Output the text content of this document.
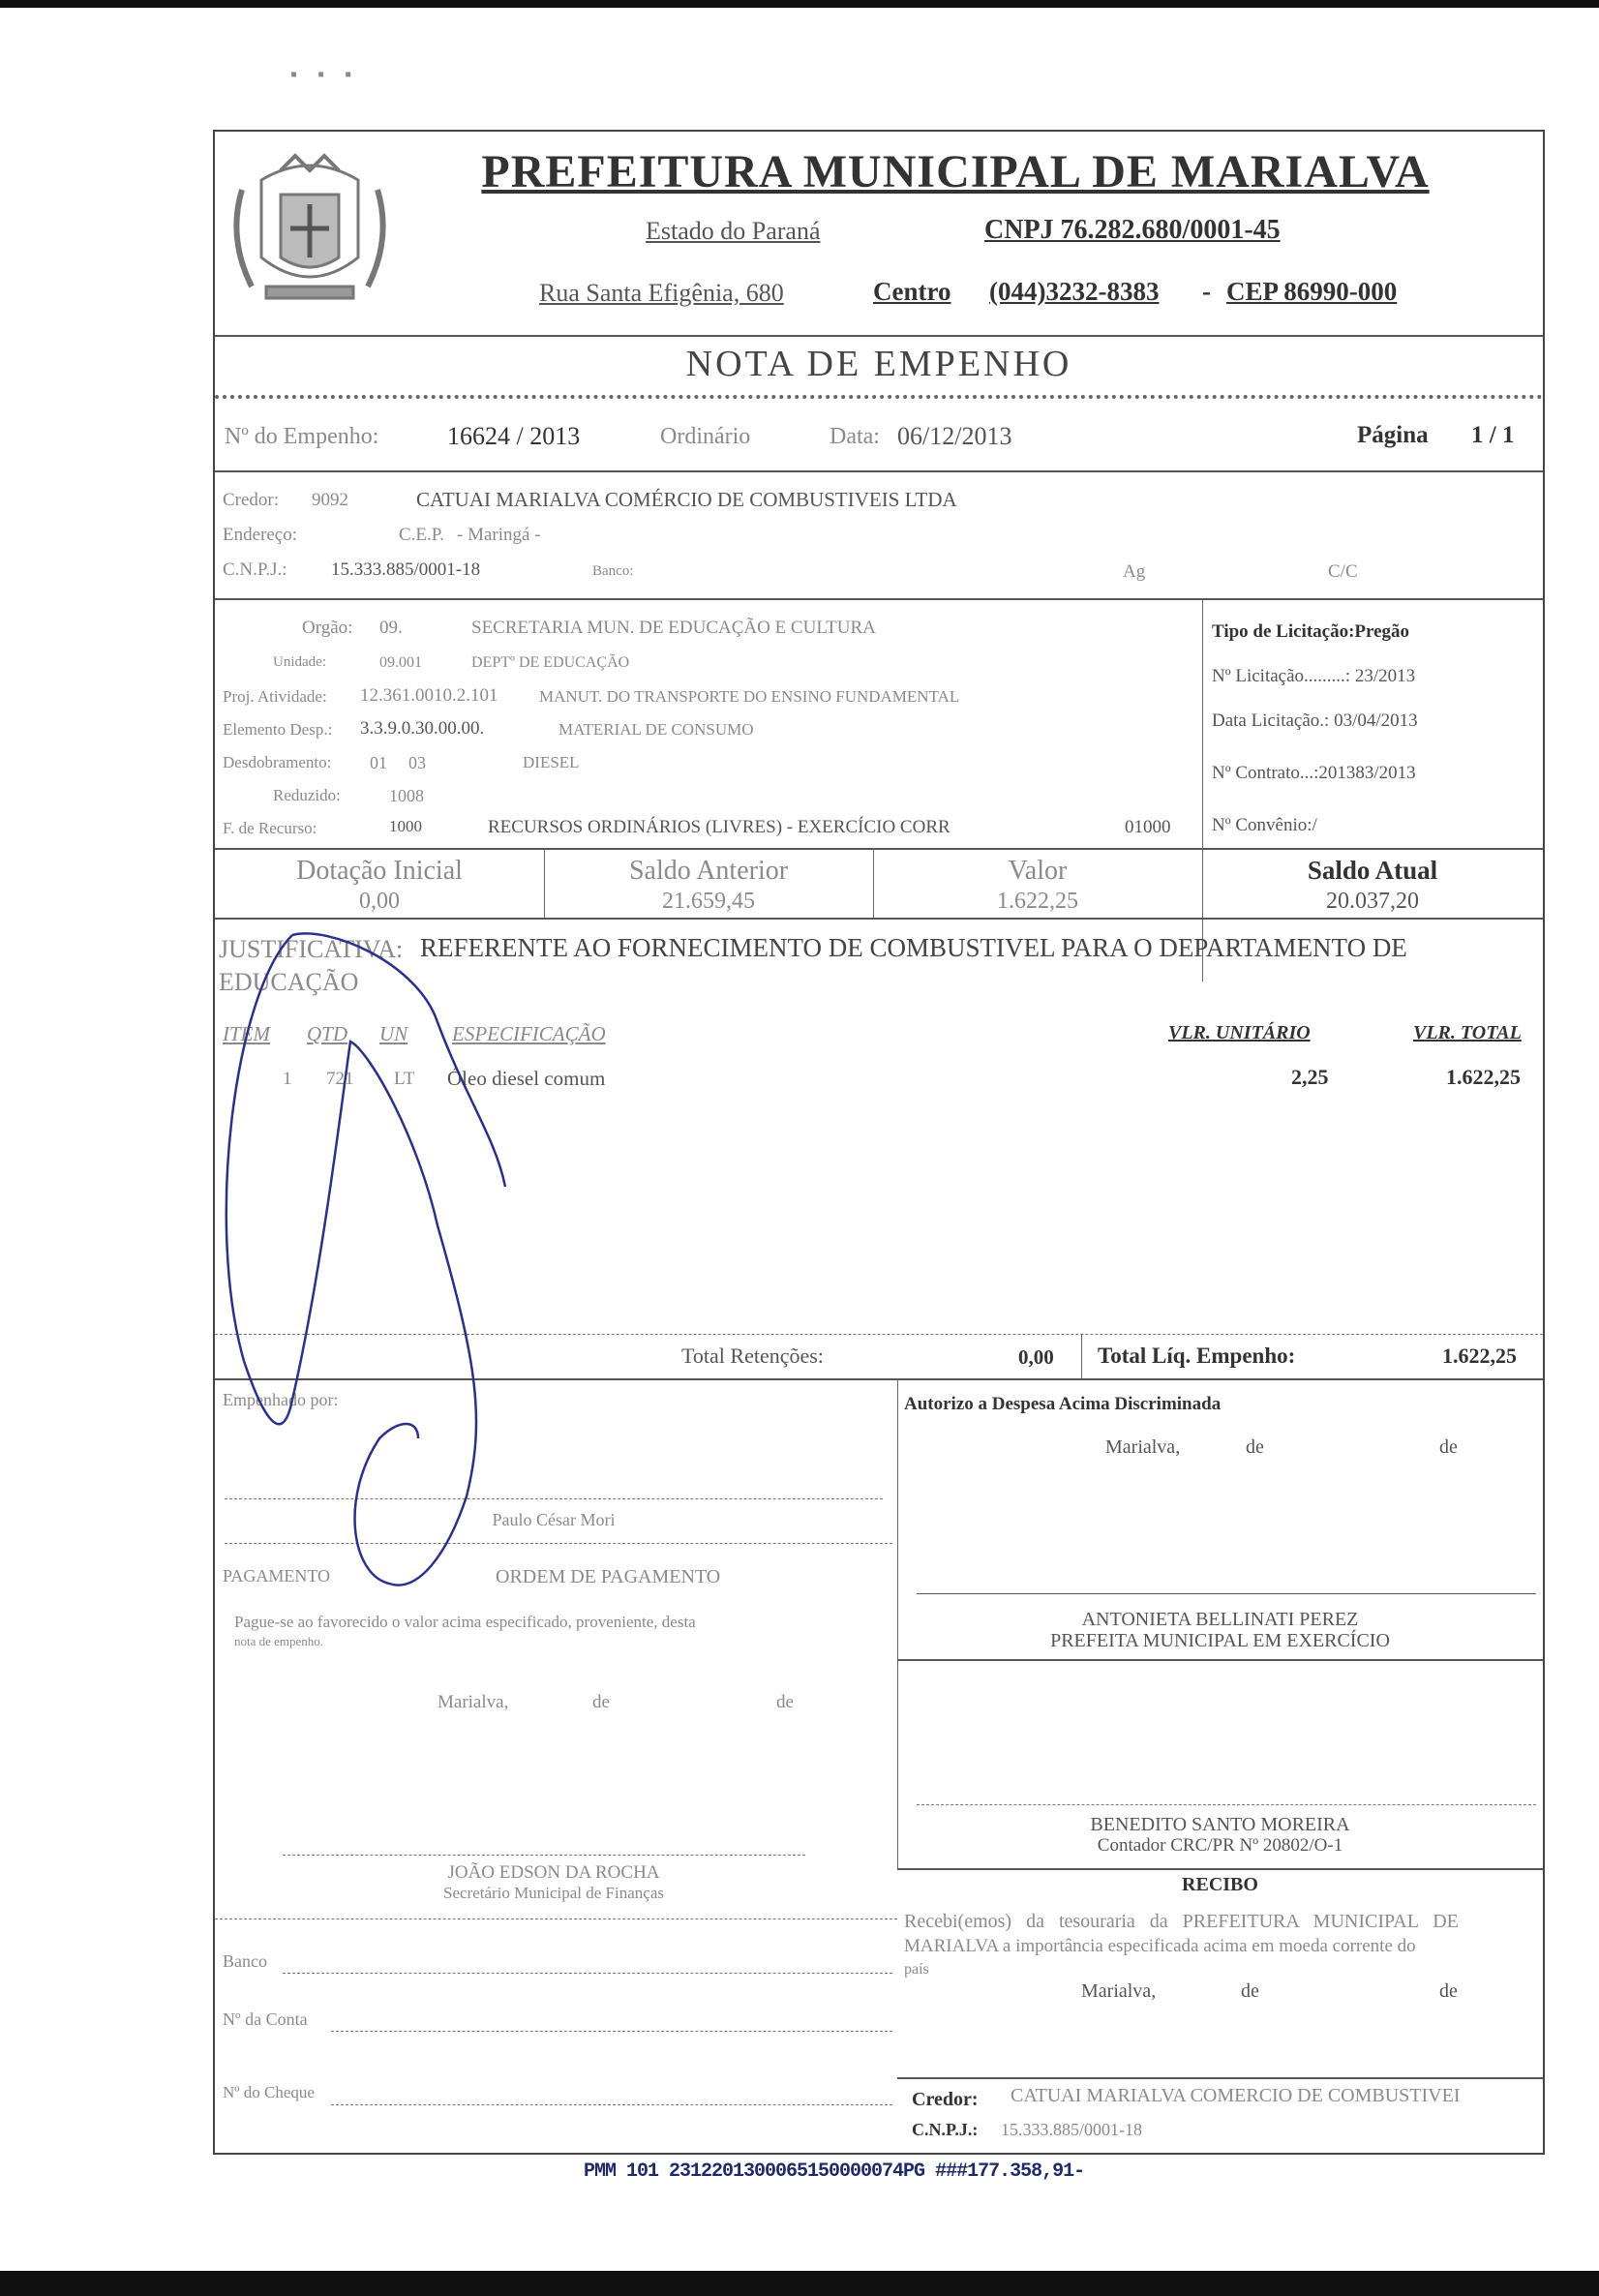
▪ ▪ ▪
PREFEITURA MUNICIPAL DE MARIALVA
Estado do Paraná	CNPJ 76.282.680/0001-45
Rua Santa Efigênia, 680	Centro (044)3232-8383 - CEP 86990-000
NOTA DE EMPENHO
Nº do Empenho:	16624 / 2013	Ordinário	Data: 06/12/2013	Página 1 / 1
Credor: 9092	CATUAI MARIALVA COMÉRCIO DE COMBUSTIVEIS LTDA
Endereço:	C.E.P. - Maringá -
C.N.P.J.: 15.333.885/0001-18	Banco:	Ag	C/C
Orgão: 09.	SECRETARIA MUN. DE EDUCAÇÃO E CULTURA
Unidade:	09.001	DEPTº DE EDUCAÇÃO
Proj. Atividade: 12.361.0010.2.101	MANUT. DO TRANSPORTE DO ENSINO FUNDAMENTAL
Elemento Desp.: 3.3.9.0.30.00.00.	MATERIAL DE CONSUMO
Desdobramento: 01 03	DIESEL
Reduzido:	1008
F. de Recurso:	1000	RECURSOS ORDINÁRIOS (LIVRES) - EXERCÍCIO CORR	01000
Tipo de Licitação:Pregão
Nº Licitação.........: 23/2013
Data Licitação.: 03/04/2013
Nº Contrato...:201383/2013
Nº Convênio:/
Dotação Inicial
0,00
Saldo Anterior
21.659,45
Valor
1.622,25
Saldo Atual
20.037,20
JUSTIFICATIVA: REFERENTE AO FORNECIMENTO DE COMBUSTIVEL PARA O DEPARTAMENTO DE
EDUCAÇÃO
ITEM QTD UN ESPECIFICAÇÃO	VLR. UNITÁRIO	VLR. TOTAL
1 721 LT Óleo diesel comum	2,25	1.622,25
Total Retenções:	0,00 Total Líq. Empenho:	1.622,25
Empenhado por:
Paulo César Mori
Autorizo a Despesa Acima Discriminada
Marialva,	de	de
PAGAMENTO	ORDEM DE PAGAMENTO
Pague-se ao favorecido o valor acima especificado, proveniente, desta
nota de empenho.
Marialva,	de	de
ANTONIETA BELLINATI PEREZ
PREFEITA MUNICIPAL EM EXERCÍCIO
BENEDITO SANTO MOREIRA
Contador CRC/PR Nº 20802/O-1
JOÃO EDSON DA ROCHA
Secretário Municipal de Finanças	RECIBO
Recebi(emos) da tesouraria da PREFEITURA MUNICIPAL DE
MARIALVA a importância especificada acima em moeda corrente do
país
Marialva,	de	de
Banco
Nº da Conta
Nº do Cheque	Credor: CATUAI MARIALVA COMERCIO DE COMBUSTIVEI
C.N.P.J.: 15.333.885/0001-18
PMM 101 2312201300065150000074PG ###177.358,91-
